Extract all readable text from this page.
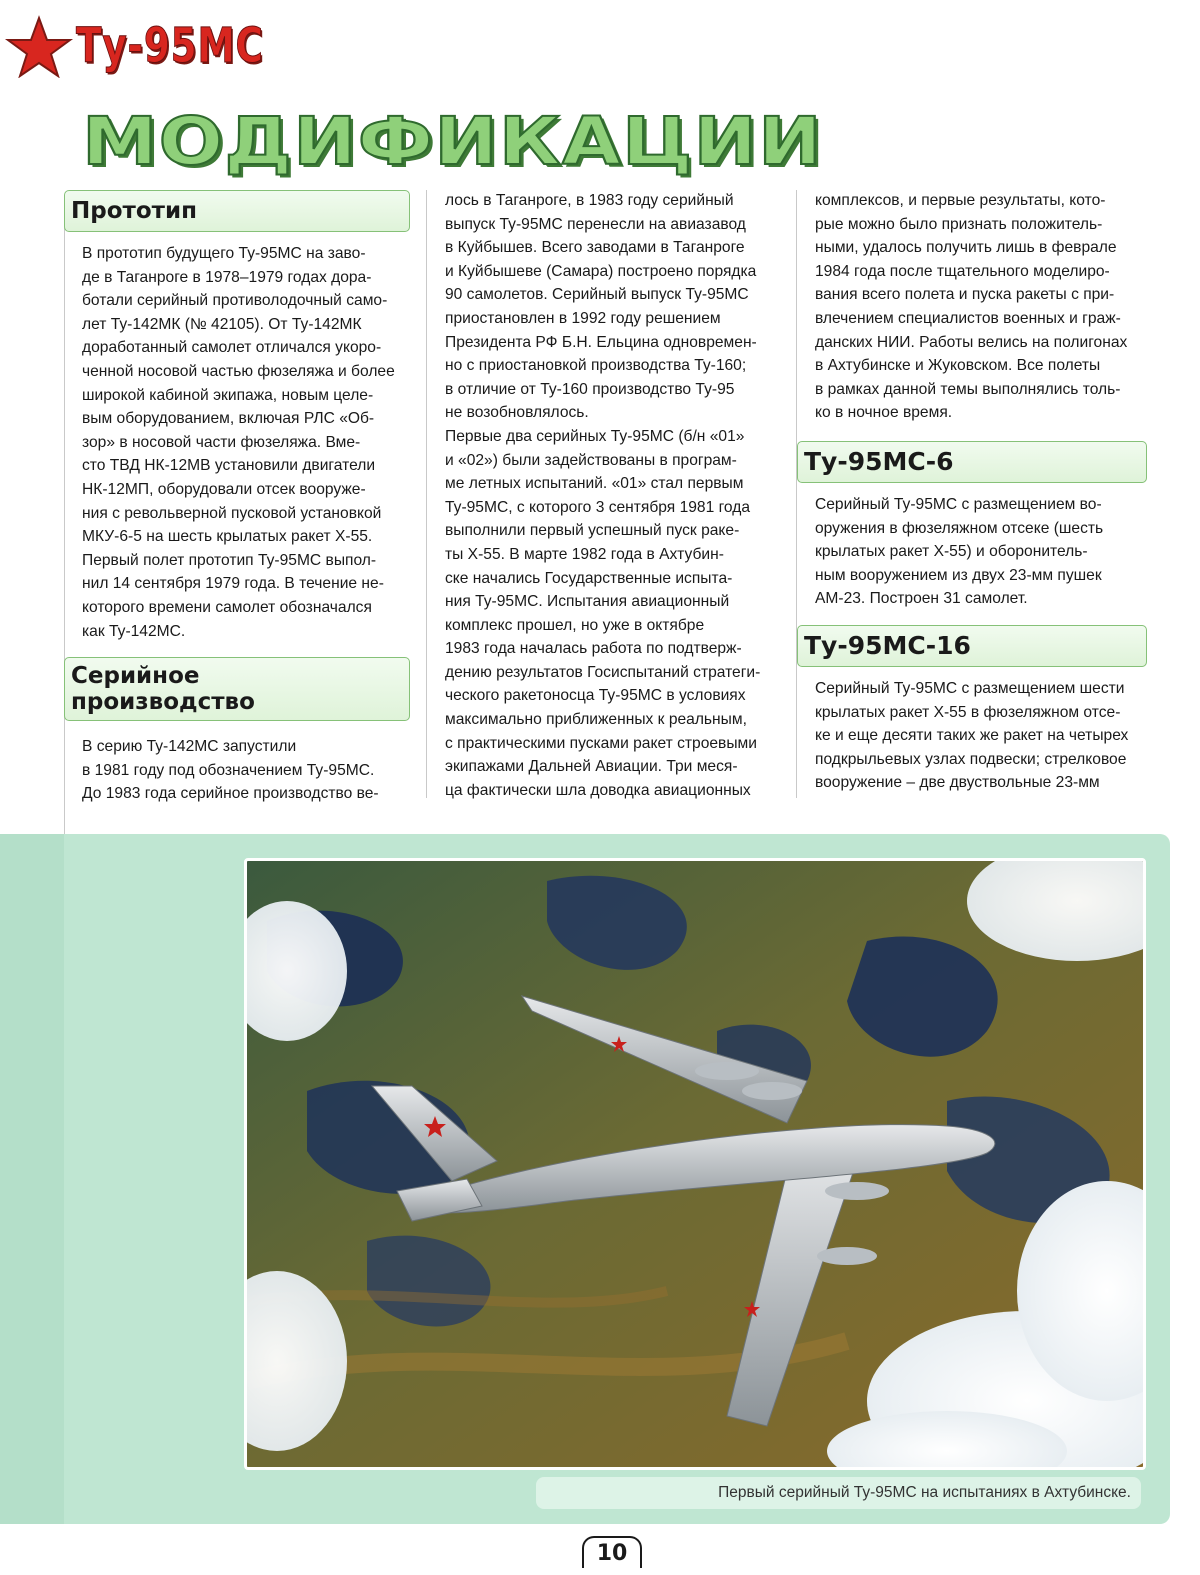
Ту-95МС
МОДИФИКАЦИИ
Прототип

В прототип будущего Ту-95МС на заво-
де в Таганроге в 1978–1979 годах дора-
ботали серийный противолодочный само-
лет Ту-142МК (№ 42105). От Ту-142МК
доработанный самолет отличался укоро-
ченной носовой частью фюзеляжа и более
широкой кабиной экипажа, новым целе-
вым оборудованием, включая РЛС «Об-
зор» в носовой части фюзеляжа. Вме-
сто ТВД НК-12МВ установили двигатели
НК-12МП, оборудовали отсек вооруже-
ния с револьверной пусковой установкой
МКУ-6-5 на шесть крылатых ракет Х-55.
Первый полет прототип Ту-95МС выпол-
нил 14 сентября 1979 года. В течение не-
которого времени самолет обозначался
как Ту-142МС.

Серийное
производство

В серию Ту-142МС запустили
в 1981 году под обозначением Ту-95МС.
До 1983 года серийное производство ве-

лось в Таганроге, в 1983 году серийный
выпуск Ту-95МС перенесли на авиазавод
в Куйбышев. Всего заводами в Таганроге
и Куйбышеве (Самара) построено порядка
90 самолетов. Серийный выпуск Ту-95МС
приостановлен в 1992 году решением
Президента РФ Б.Н. Ельцина одновремен-
но с приостановкой производства Ту-160;
в отличие от Ту-160 производство Ту-95
не возобновлялось.
Первые два серийных Ту-95МС (б/н «01»
и «02») были задействованы в програм-
ме летных испытаний. «01» стал первым
Ту-95МС, с которого 3 сентября 1981 года
выполнили первый успешный пуск раке-
ты Х-55. В марте 1982 года в Ахтубин-
ске начались Государственные испыта-
ния Ту-95МС. Испытания авиационный
комплекс прошел, но уже в октябре
1983 года началась работа по подтверж-
дению результатов Госиспытаний стратеги-
ческого ракетоносца Ту-95МС в условиях
максимально приближенных к реальным,
с практическими пусками ракет строевыми
экипажами Дальней Авиации. Три меся-
ца фактически шла доводка авиационных

комплексов, и первые результаты, кото-
рые можно было признать положитель-
ными, удалось получить лишь в феврале
1984 года после тщательного моделиро-
вания всего полета и пуска ракеты с при-
влечением специалистов военных и граж-
данских НИИ. Работы велись на полигонах
в Ахтубинске и Жуковском. Все полеты
в рамках данной темы выполнялись толь-
ко в ночное время.

Ту-95МС-6

Серийный Ту-95МС с размещением во-
оружения в фюзеляжном отсеке (шесть
крылатых ракет Х-55) и оборонитель-
ным вооружением из двух 23-мм пушек
АМ-23. Построен 31 самолет.

Ту-95МС-16

Серийный Ту-95МС с размещением шести
крылатых ракет Х-55 в фюзеляжном отсе-
ке и еще десяти таких же ракет на четырех
подкрыльевых узлах подвески; стрелковое
вооружение – две двуствольные 23-мм

Первый серийный Ту-95МС на испытаниях в Ахтубинске.
10
